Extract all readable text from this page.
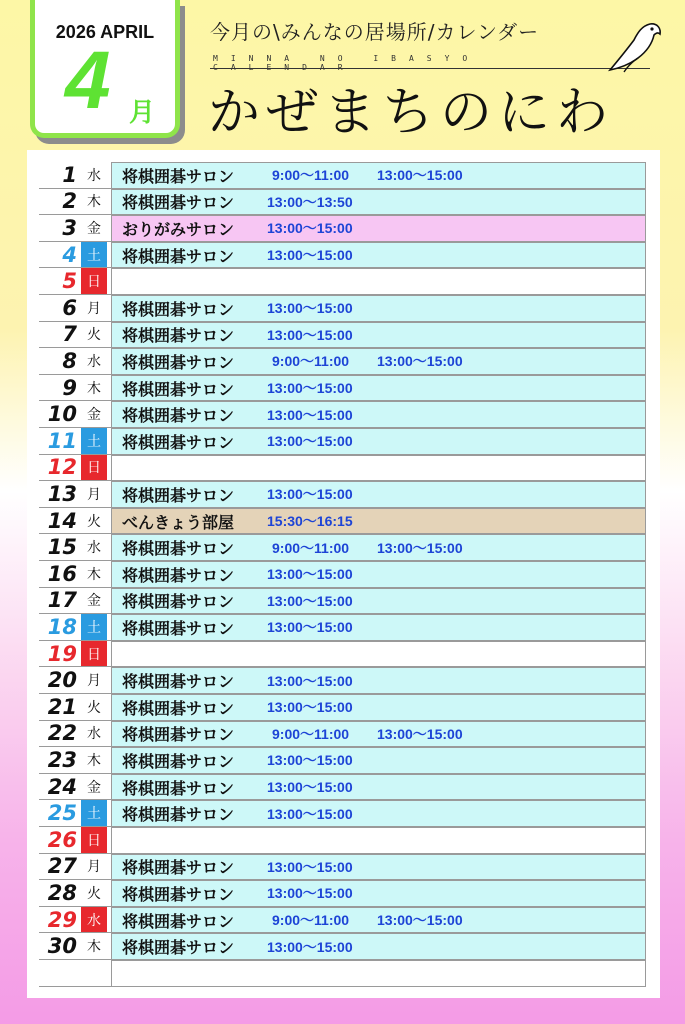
2026 APRIL
4 月
今月の\みんなの居場所/カレンダー
MINNA NO IBASYO
かぜまちのにわ
1 水	将棋囲碁サロン	9:00～11:00 13:00～15:00
2 木	将棋囲碁サロン 13:00～13:50
3 金	おりがみサロン 13:00～15:00
4 土	将棋囲碁サロン 13:00～15:00
5 日
6 月	将棋囲碁サロン 13:00～15:00
7 火	将棋囲碁サロン 13:00～15:00
8 水	将棋囲碁サロン	9:00～11:00 13:00～15:00
9 木	将棋囲碁サロン 13:00～15:00
10 金	将棋囲碁サロン 13:00～15:00
11 土	将棋囲碁サロン 13:00～15:00
12 日
13 月	将棋囲碁サロン 13:00～15:00
14 火	べんきょう部屋 15:30～16:15
15 水	将棋囲碁サロン	9:00～11:00 13:00～15:00
16 木	将棋囲碁サロン 13:00～15:00
17 金	将棋囲碁サロン 13:00～15:00
18 土	将棋囲碁サロン 13:00～15:00
19 日
20 月	将棋囲碁サロン 13:00～15:00
21 火	将棋囲碁サロン 13:00～15:00
22 水	将棋囲碁サロン	9:00～11:00 13:00～15:00
23 木	将棋囲碁サロン 13:00～15:00
24 金	将棋囲碁サロン 13:00～15:00
25 土	将棋囲碁サロン 13:00～15:00
26 日
27 月	将棋囲碁サロン 13:00～15:00
28 火	将棋囲碁サロン 13:00～15:00
29 水	将棋囲碁サロン	9:00～11:00 13:00～15:00
30 木	将棋囲碁サロン 13:00～15:00
